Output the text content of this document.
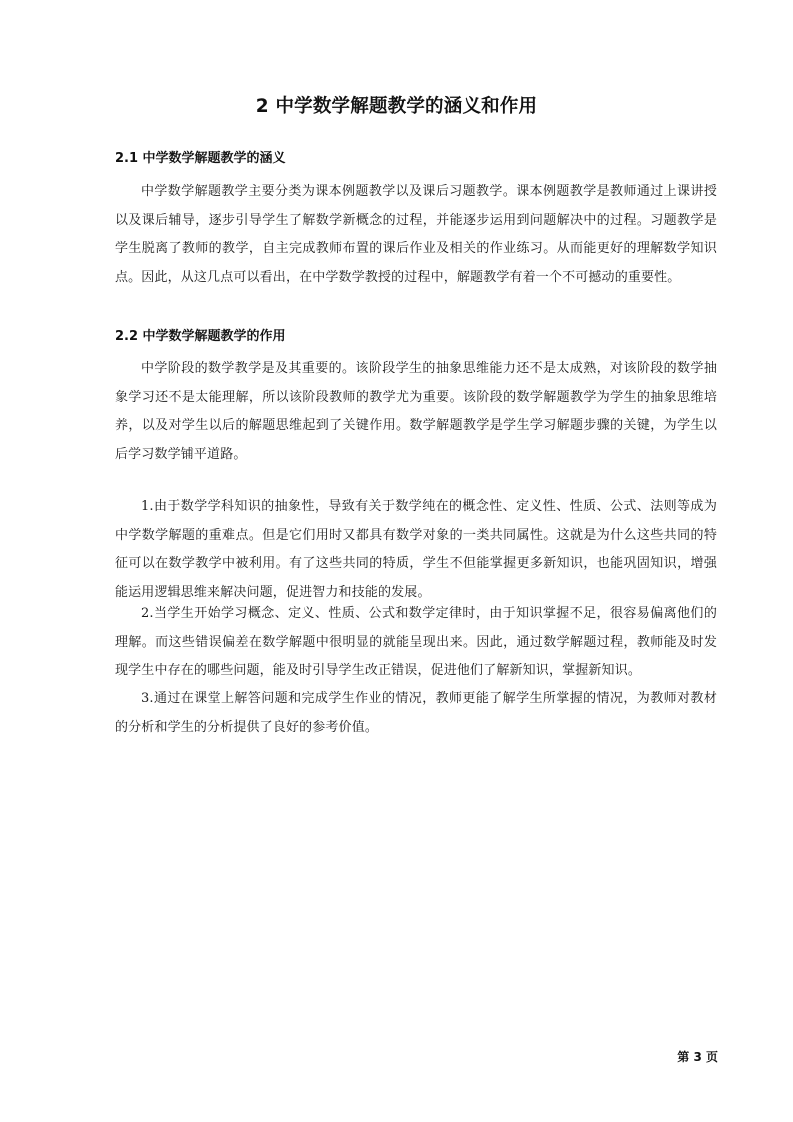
2 中学数学解题教学的涵义和作用
2.1 中学数学解题教学的涵义

中学数学解题教学主要分类为课本例题教学以及课后习题教学。课本例题教学是教师通过上课讲授以及课后辅导，逐步引导学生了解数学新概念的过程，并能逐步运用到问题解决中的过程。习题教学是学生脱离了教师的教学，自主完成教师布置的课后作业及相关的作业练习。从而能更好的理解数学知识点。因此，从这几点可以看出，在中学数学教授的过程中，解题教学有着一个不可撼动的重要性。

2.2 中学数学解题教学的作用

中学阶段的数学教学是及其重要的。该阶段学生的抽象思维能力还不是太成熟，对该阶段的数学抽象学习还不是太能理解，所以该阶段教师的教学尤为重要。该阶段的数学解题教学为学生的抽象思维培养，以及对学生以后的解题思维起到了关键作用。数学解题教学是学生学习解题步骤的关键，为学生以后学习数学铺平道路。

1.由于数学学科知识的抽象性，导致有关于数学纯在的概念性、定义性、性质、公式、法则等成为中学数学解题的重难点。但是它们用时又都具有数学对象的一类共同属性。这就是为什么这些共同的特征可以在数学教学中被利用。有了这些共同的特质，学生不但能掌握更多新知识，也能巩固知识，增强能运用逻辑思维来解决问题，促进智力和技能的发展。

2.当学生开始学习概念、定义、性质、公式和数学定律时，由于知识掌握不足，很容易偏离他们的理解。而这些错误偏差在数学解题中很明显的就能呈现出来。因此，通过数学解题过程，教师能及时发现学生中存在的哪些问题，能及时引导学生改正错误，促进他们了解新知识，掌握新知识。

3.通过在课堂上解答问题和完成学生作业的情况，教师更能了解学生所掌握的情况，为教师对教材的分析和学生的分析提供了良好的参考价值。

第 3 页
